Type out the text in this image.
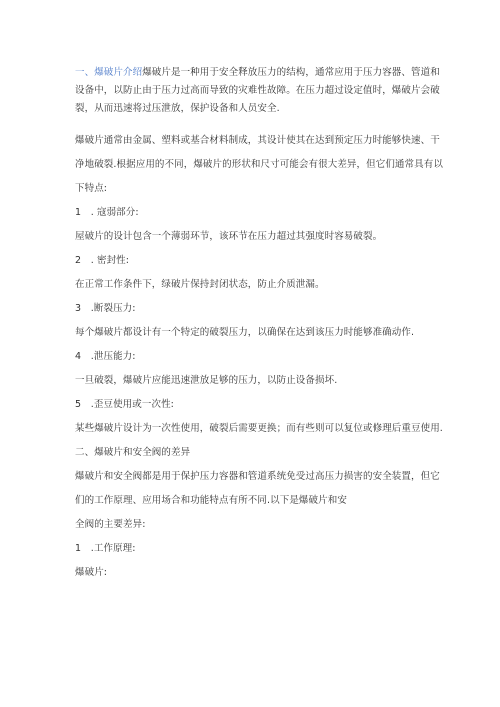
一、爆破片介绍爆破片是一种用于安全释放压力的结构，通常应用于压力容器、管道和

设备中，以防止由于压力过高而导致的灾难性故障。在压力超过设定值时，爆破片会破

裂，从而迅速将过压泄放，保护设备和人员安全.

爆破片通常由金属、塑料或基合材料制成，其设计使其在达到预定压力时能够快速、干

净地破裂.根据应用的不同，爆破片的形状和尺寸可能会有很大差异，但它们通常具有以

下特点:

1　. 寇弱部分:

屋破片的设计包含一个薄弱环节，该环节在压力超过其强度时容易破裂。

2　. 密封性:

在正常工作条件下，绿破片保持封闭状态，防止介质泄漏。

3　.断裂压力:

每个爆破片都设计有一个特定的破裂压力，以确保在达到该压力时能够准确动作.

4　.泄压能力:

一旦破裂，爆破片应能迅速泄放足够的压力，以防止设备损坏.

5　.歪豆使用或一次性:

某些爆破片设计为一次性使用，破裂后需要更换；而有些则可以复位或修理后重豆使用.

二、爆破片和安全阀的差异

爆破片和安全阀都是用于保护压力容器和管道系统免受过高压力损害的安全装置，但它

们的工作原理、应用场合和功能特点有所不同.以下是爆破片和安

全阀的主要差异:

1　.工作原理:

爆破片:
